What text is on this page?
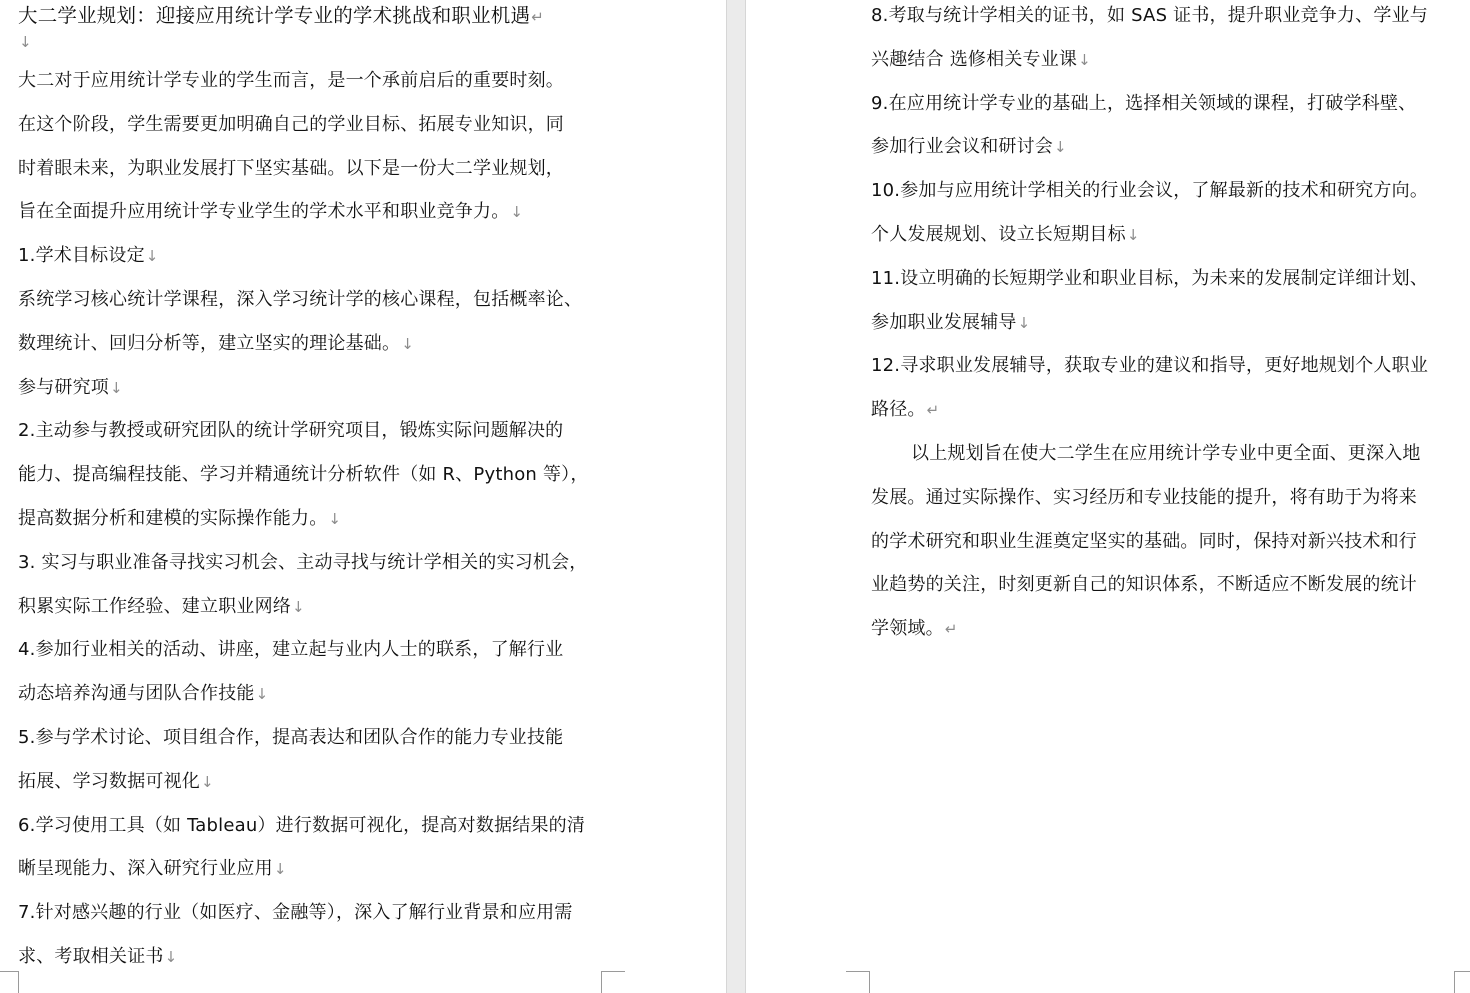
大二学业规划：迎接应用统计学专业的学术挑战和职业机遇↵
↓
大二对于应用统计学专业的学生而言，是一个承前启后的重要时刻。
在这个阶段，学生需要更加明确自己的学业目标、拓展专业知识，同
时着眼未来，为职业发展打下坚实基础。以下是一份大二学业规划，
旨在全面提升应用统计学专业学生的学术水平和职业竞争力。↓
1.学术目标设定↓
系统学习核心统计学课程，深入学习统计学的核心课程，包括概率论、
数理统计、回归分析等，建立坚实的理论基础。↓
参与研究项↓
2.主动参与教授或研究团队的统计学研究项目，锻炼实际问题解决的
能力、提高编程技能、学习并精通统计分析软件（如 R、Python 等），
提高数据分析和建模的实际操作能力。↓
3. 实习与职业准备寻找实习机会、主动寻找与统计学相关的实习机会，
积累实际工作经验、建立职业网络↓
4.参加行业相关的活动、讲座，建立起与业内人士的联系，了解行业
动态培养沟通与团队合作技能↓
5.参与学术讨论、项目组合作，提高表达和团队合作的能力专业技能
拓展、学习数据可视化↓
6.学习使用工具（如 Tableau）进行数据可视化，提高对数据结果的清
晰呈现能力、深入研究行业应用↓
7.针对感兴趣的行业（如医疗、金融等），深入了解行业背景和应用需
求、考取相关证书↓
8.考取与统计学相关的证书，如 SAS 证书，提升职业竞争力、学业与
兴趣结合 选修相关专业课↓
9.在应用统计学专业的基础上，选择相关领域的课程，打破学科壁、
参加行业会议和研讨会↓
10.参加与应用统计学相关的行业会议，了解最新的技术和研究方向。
个人发展规划、设立长短期目标↓
11.设立明确的长短期学业和职业目标，为未来的发展制定详细计划、
参加职业发展辅导↓
12.寻求职业发展辅导，获取专业的建议和指导，更好地规划个人职业
路径。↵
以上规划旨在使大二学生在应用统计学专业中更全面、更深入地
发展。通过实际操作、实习经历和专业技能的提升，将有助于为将来
的学术研究和职业生涯奠定坚实的基础。同时，保持对新兴技术和行
业趋势的关注，时刻更新自己的知识体系，不断适应不断发展的统计
学领域。↵
